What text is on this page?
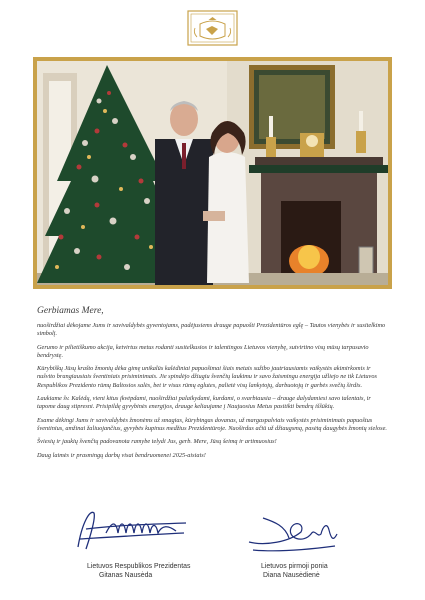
Gerbiamas Mere,

nuoširdžiai dėkojame Jums ir savivaldybės gyventojams, padėjusiems drauge papuošti Prezidentūros eglę – Tautos vienybės ir susitelkimo simbolį.

Gerumo ir pilietiškumo akcija, ketvirtus metus rodanti susitelkusios ir talentingos Lietuvos vienybę, sutvirtino visų mūsų tarpusavio bendrystę.

Kūrybiškų Jūsų krašto žmonių dėka gimę unikalūs kalėdiniai papuošimai šiais metais sužibo jautriausiamis vaikystės akimirkomis ir nušvito brangiausiais šventiniais prisiminimais. Jie spindėjo džiugiu švenčių laukimu ir savo žaismingu energija užliejo ne tik Lietuvos Respublikos Prezidento rūmų Baltosios salės, bet ir visus rūmų eglutes, palietė visų lankytojų, darbuotojų ir garbės svečių širdis.

Laukiame šv. Kalėdų, vieni kitus įkvėpdami, nuoširdžiai palaikydami, kurdami, o svarbiausia – drauge dalydamiesi savo talentais, ir tapome daug stipresni. Prisipildę gyvybinės energijos, drauge keliaujame į Naujuosius Metus pasitikti bendrų iššūkių.

Esame dėkingi Jums ir savivaldybės žmonėms už smagias, kūrybingas dovanas, už margaspalviais vaikystės prisiminimais papuoštus šventinius, amžinai žaliuojančius, gyvybės kupinus medžius Prezidentūroje. Nuoširdus ačiū už džiaugsmą, pasėtą daugybės žmonių sielose.

Šviesių ir jaukių švenčių padovanota ramybe telydi Jus, gerb. Mere, Jūsų šeimą ir artimuosius!

Daug laimės ir prasmingų darbų visai bendruomenei 2025-aisiais!

Lietuvos Respublikos Prezidentas
Gitanas Nausėda
Lietuvos pirmoji ponia
Diana Nausėdienė
